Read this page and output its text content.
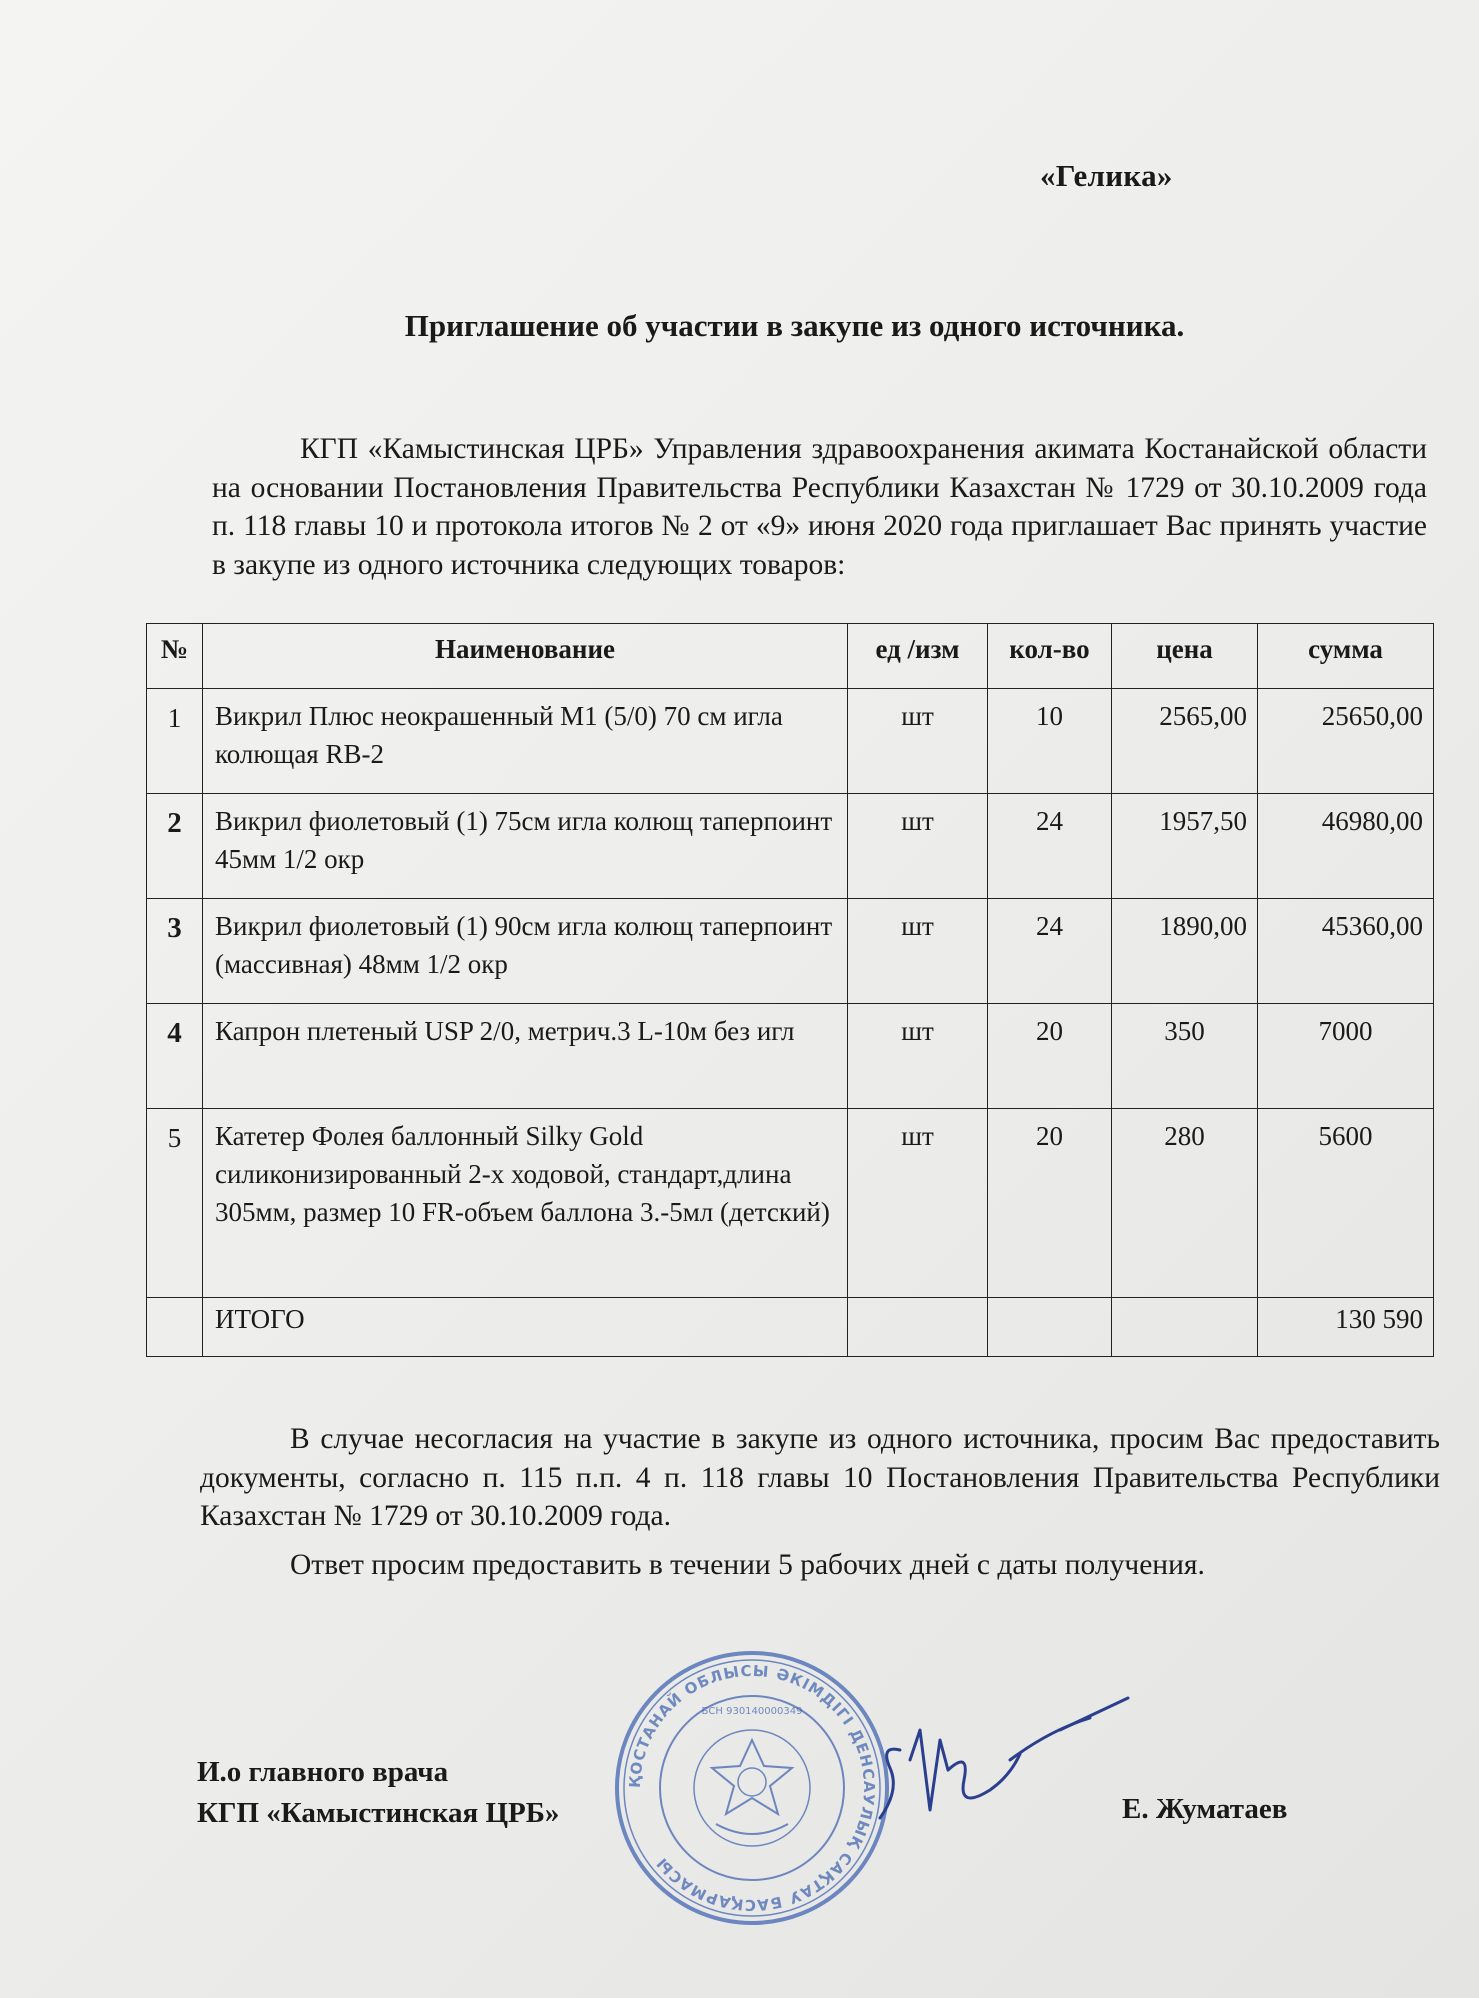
«Гелика»
Приглашение об участии в закупе из одного источника.

КГП «Камыстинская ЦРБ» Управления здравоохранения акимата Костанайской области на основании Постановления Правительства Республики Казахстан № 1729 от 30.10.2009 года п. 118 главы 10 и протокола итогов № 2 от «9» июня 2020 года приглашает Вас принять участие в закупе из одного источника следующих товаров:

№	Наименование	ед /изм	кол-во	цена	сумма
1	Викрил Плюс неокрашенный М1 (5/0) 70 см игла колющая RB-2	шт	10	2565,00	25650,00
2	Викрил фиолетовый (1) 75см игла колющ таперпоинт 45мм 1/2 окр	шт	24	1957,50	46980,00
3	Викрил фиолетовый (1) 90см игла колющ таперпоинт (массивная) 48мм 1/2 окр	шт	24	1890,00	45360,00
4	Капрон плетеный USP 2/0, метрич.3 L-10м без игл	шт	20	350	7000
5	Катетер Фолея баллонный Silky Gold силиконизированный 2-х ходовой, стандарт,длина 305мм, размер 10 FR-объем баллона 3.-5мл (детский)	шт	20	280	5600
	ИТОГО				130 590

В случае несогласия на участие в закупе из одного источника, просим Вас предоставить документы, согласно п. 115 п.п. 4 п. 118 главы 10 Постановления Правительства Республики Казахстан № 1729 от 30.10.2009 года.

Ответ просим предоставить в течении 5 рабочих дней с даты получения.

ҚОСТАНАЙ ОБЛЫСЫ ӘКІМДІГІ ДЕНСАУЛЫҚ САҚТАУ БАСҚАРМАСЫ
БСН 930140000349
И.о главного врача
КГП «Камыстинская ЦРБ»	Е. Жуматаев
